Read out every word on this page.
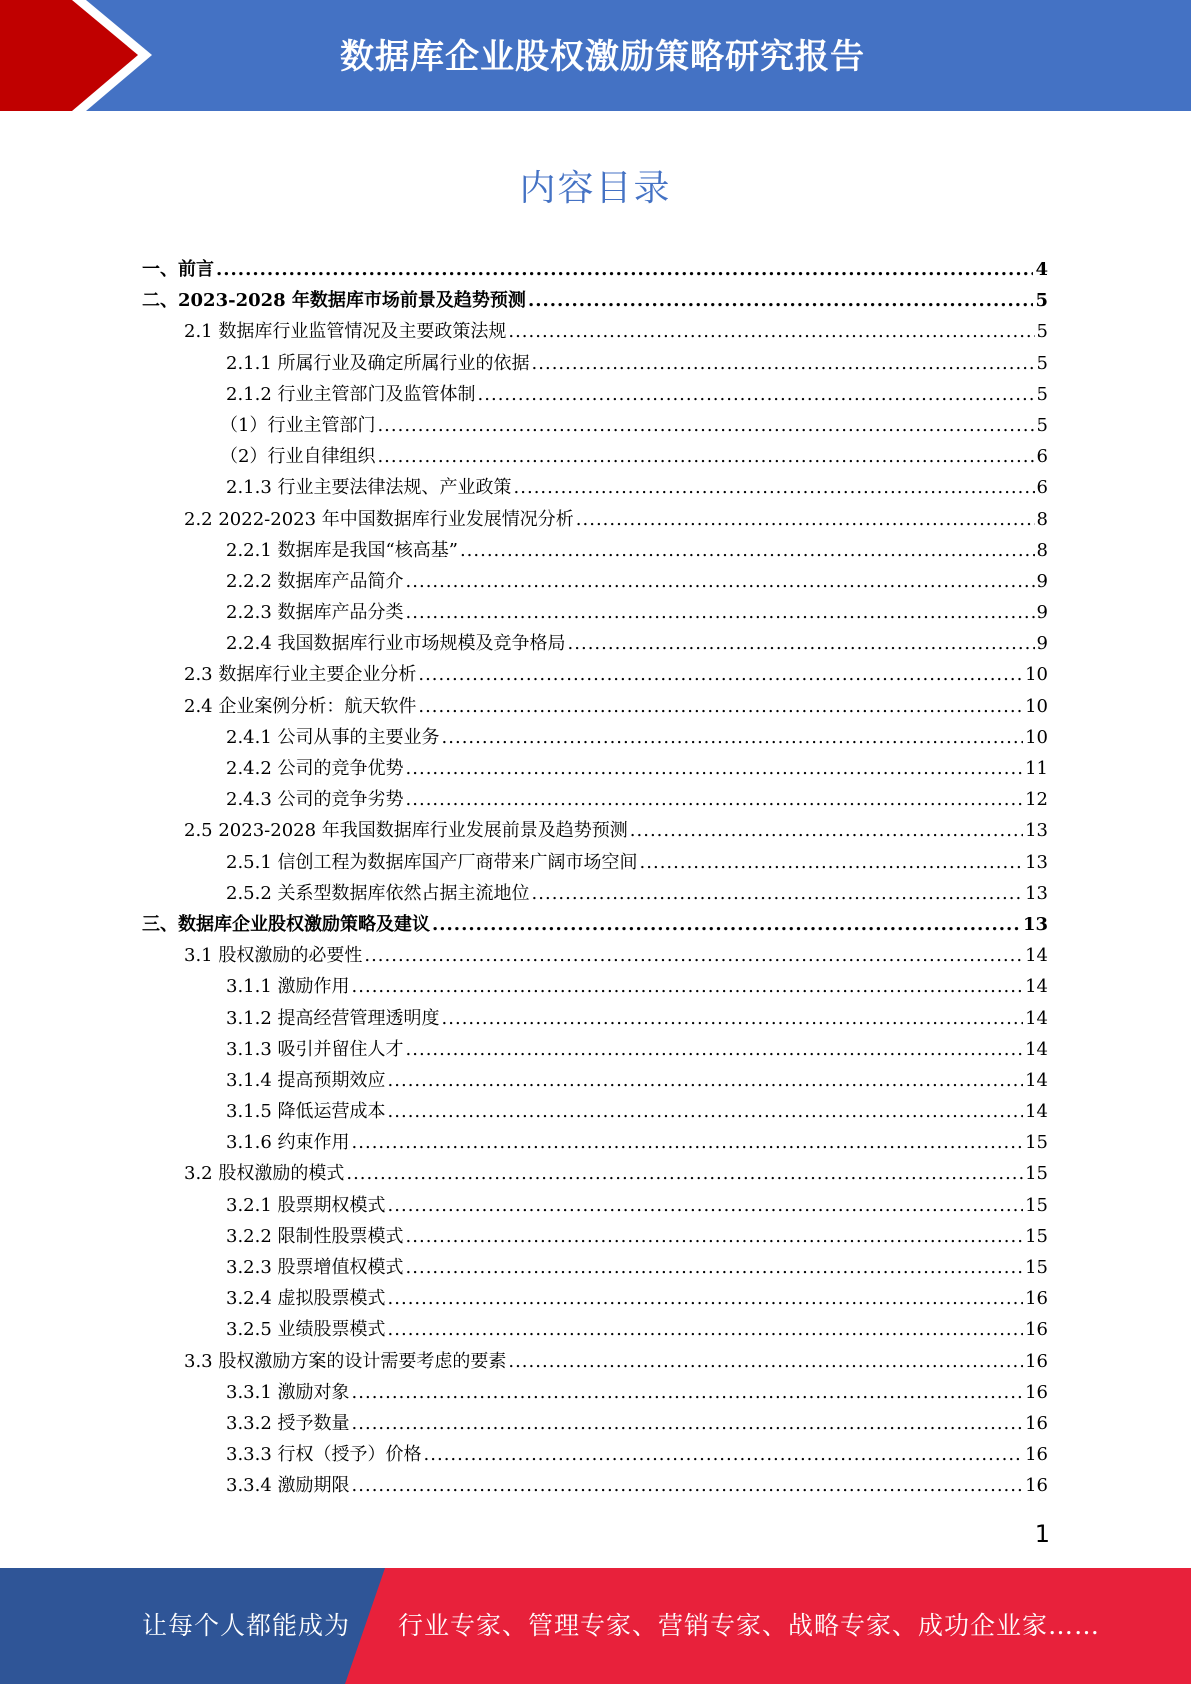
数据库企业股权激励策略研究报告
内容目录
一、前言 .....	4
二、2023-2028 年数据库市场前景及趋势预测 .....	5
2.1 数据库行业监管情况及主要政策法规 .....	5
2.1.1 所属行业及确定所属行业的依据 .....	5
2.1.2 行业主管部门及监管体制 .....	5
（1）行业主管部门 .....	5
（2）行业自律组织 .....	6
2.1.3 行业主要法律法规、产业政策 .....	6
2.2 2022-2023 年中国数据库行业发展情况分析 .....	8
2.2.1 数据库是我国“核高基” .....	8
2.2.2 数据库产品简介 .....	9
2.2.3 数据库产品分类 .....	9
2.2.4 我国数据库行业市场规模及竞争格局 .....	9
2.3 数据库行业主要企业分析 .....	10
2.4 企业案例分析：航天软件 .....	10
2.4.1 公司从事的主要业务 .....	10
2.4.2 公司的竞争优势 .....	11
2.4.3 公司的竞争劣势 .....	12
2.5 2023-2028 年我国数据库行业发展前景及趋势预测 .....	13
2.5.1 信创工程为数据库国产厂商带来广阔市场空间 .....	13
2.5.2 关系型数据库依然占据主流地位 .....	13
三、数据库企业股权激励策略及建议 .....	13
3.1 股权激励的必要性 .....	14
3.1.1 激励作用 .....	14
3.1.2 提高经营管理透明度 .....	14
3.1.3 吸引并留住人才 .....	14
3.1.4 提高预期效应 .....	14
3.1.5 降低运营成本 .....	14
3.1.6 约束作用 .....	15
3.2 股权激励的模式 .....	15
3.2.1 股票期权模式 .....	15
3.2.2 限制性股票模式 .....	15
3.2.3 股票增值权模式 .....	15
3.2.4 虚拟股票模式 .....	16
3.2.5 业绩股票模式 .....	16
3.3 股权激励方案的设计需要考虑的要素 .....	16
3.3.1 激励对象 .....	16
3.3.2 授予数量 .....	16
3.3.3 行权（授予）价格 .....	16
3.3.4 激励期限 .....	16
1
让每个人都能成为 行业专家、管理专家、营销专家、战略专家、成功企业家……
